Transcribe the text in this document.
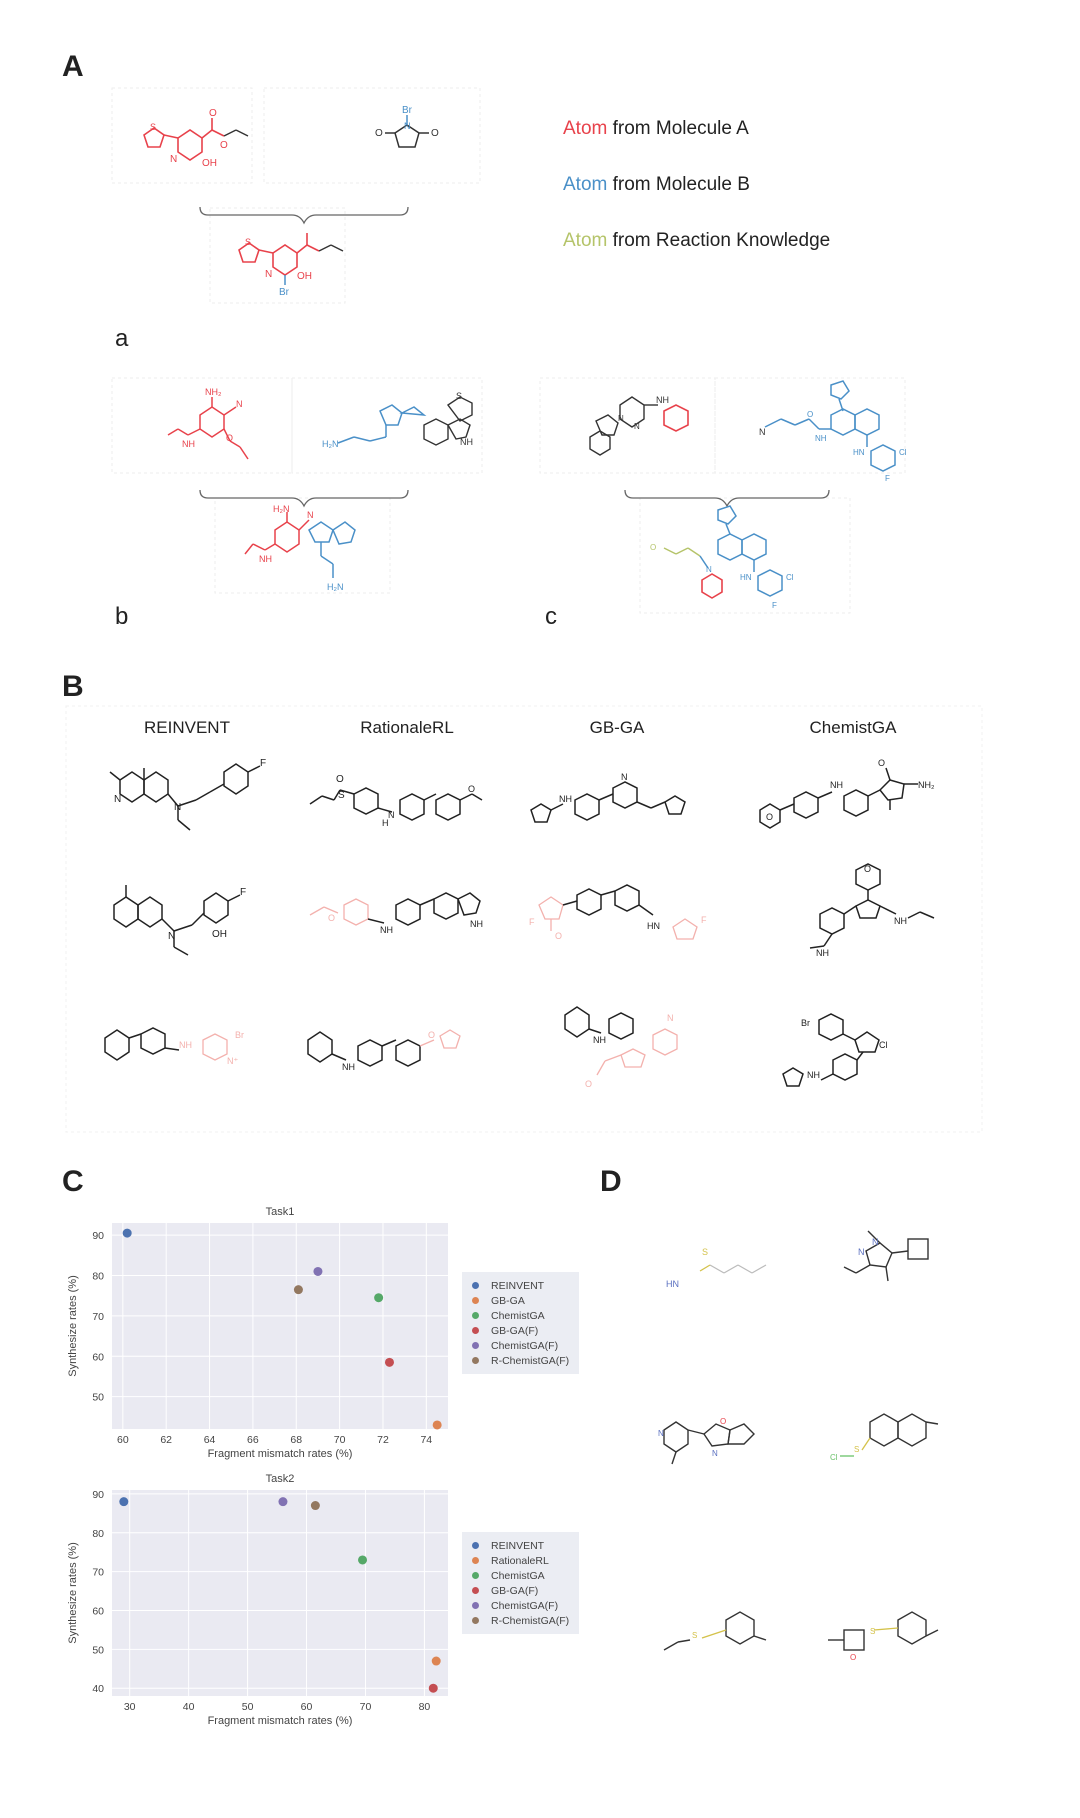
A
S
N
O
O
OH
Br
N
O	O
Br
S
N OH
Atom from Molecule A
Atom from Molecule B
Atom from Reaction Knowledge
a
NH₂
N
NH
O
H₂N	NH
S
H₂N
N
NH
H₂N
b
NH
N
N
N
O
NH
HN	Cl
F
O
N
HN	Cl
F
c
B
REINVENT	RationaleRL	GB-GA	ChemistGA
N
N
F
O
S
H
N
O
NH
N
O
NH	NH₂
O
N
F
OH
O
NH
NH	F
O
F
HN
O
NH
NH
NH
Br
N⁺
NH
O	NH
O
N	Br
Cl
NH
C
60	62	64	66	68	70	72	74
50
60
70
80
90
Task1
Fragment mismatch rates (%)
Synthesize rates (%)
30	40	50	60	70	80
40
50
60
70
80
90
Task2
Fragment mismatch rates (%)
Synthesize rates (%)
REINVENT
GB-GA
ChemistGA
GB-GA(F)
ChemistGA(F)
R-ChemistGA(F)
REINVENT
RationaleRL
ChemistGA
GB-GA(F)
ChemistGA(F)
R-ChemistGA(F)
D
HN
S	N
N
N
O
N	Cl
S
S
O
S
